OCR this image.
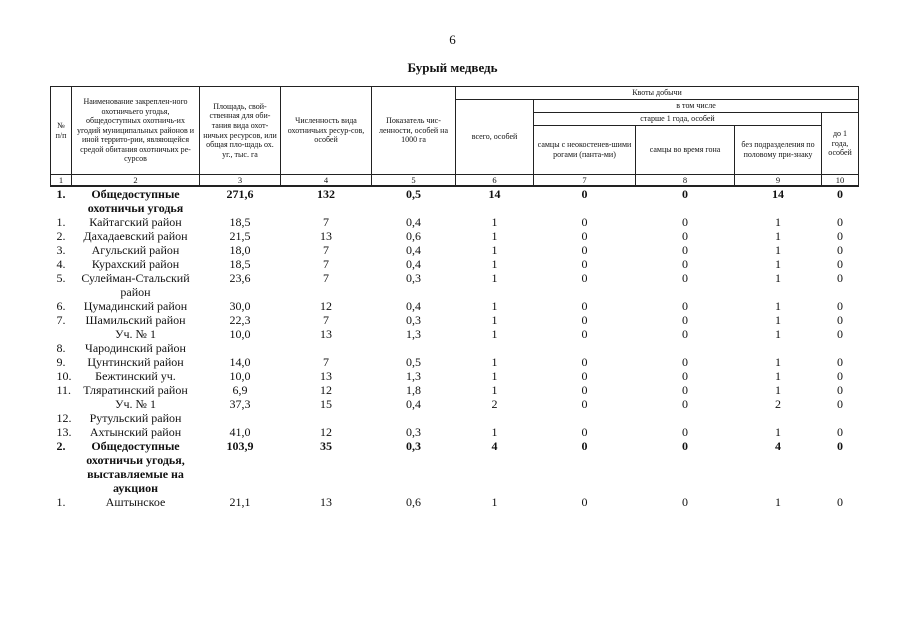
6
Бурый медведь
№ п/п	Наименование закреплен-ного охотничьего угодья, общедоступных охотничь-их угодий муниципальных районов и иной террито-рии, являющейся средой обитания охотничьих ре-сурсов	Площадь, свой-ственная для оби-тания вида охот-ничьих ресурсов, или общая пло-щадь ох. уг., тыс. га	Численность вида охотничьих ресур-сов, особей	Показатель чис-ленности, особей на 1000 га	Квоты добычи				
					всего, особей	в том числе			
						старше 1 года, особей			до 1 года, особей
						самцы с неокостенев-шими рогами (панта-ми)	самцы во время гона	без подразделения по половому при-знаку	
1	2	3	4	5	6	7	8	9	10
1.	Общедоступные охотничьи угодья	271,6	132	0,5	14	0	0	14	0
1.	Кайтагский район	18,5	7	0,4	1	0	0	1	0
2.	Дахадаевский район	21,5	13	0,6	1	0	0	1	0
3.	Агульский район	18,0	7	0,4	1	0	0	1	0
4.	Курахский район	18,5	7	0,4	1	0	0	1	0
5.	Сулейман-Стальский район	23,6	7	0,3	1	0	0	1	0
6.	Цумадинский район	30,0	12	0,4	1	0	0	1	0
7.	Шамильский район	22,3	7	0,3	1	0	0	1	0
	Уч. № 1	10,0	13	1,3	1	0	0	1	0
8.	Чародинский район								
9.	Цунтинский район	14,0	7	0,5	1	0	0	1	0
10.	Бежтинский уч.	10,0	13	1,3	1	0	0	1	0
11.	Тляратинский район	6,9	12	1,8	1	0	0	1	0
	Уч. № 1	37,3	15	0,4	2	0	0	2	0
12.	Рутульский район								
13.	Ахтынский район	41,0	12	0,3	1	0	0	1	0
2.	Общедоступные охотничьи угодья, выставляемые на аукцион	103,9	35	0,3	4	0	0	4	0
1.	Аштынское	21,1	13	0,6	1	0	0	1	0
